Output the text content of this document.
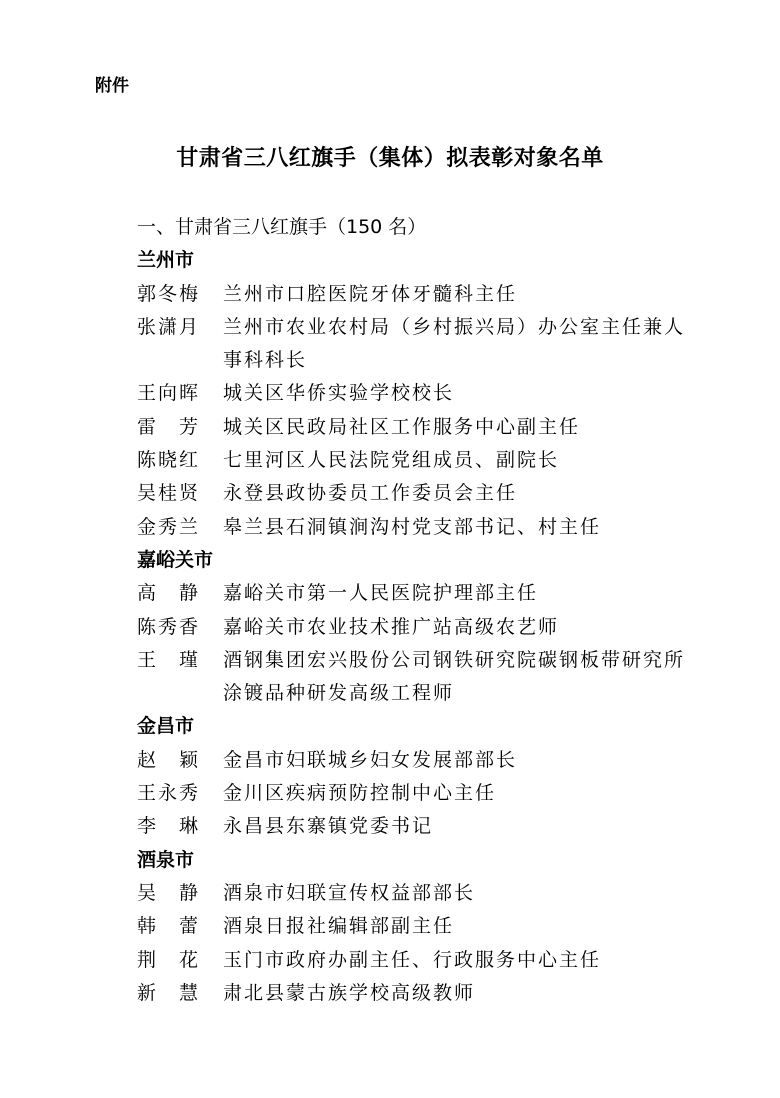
附件
甘肃省三八红旗手（集体）拟表彰对象名单
一、甘肃省三八红旗手（150 名）
兰州市
郭冬梅	兰州市口腔医院牙体牙髓科主任
张潇月	兰州市农业农村局（乡村振兴局）办公室主任兼人事科科长
王向晖	城关区华侨实验学校校长
雷　芳	城关区民政局社区工作服务中心副主任
陈晓红	七里河区人民法院党组成员、副院长
吴桂贤	永登县政协委员工作委员会主任
金秀兰	皋兰县石洞镇涧沟村党支部书记、村主任
嘉峪关市
高　静	嘉峪关市第一人民医院护理部主任
陈秀香	嘉峪关市农业技术推广站高级农艺师
王　瑾	酒钢集团宏兴股份公司钢铁研究院碳钢板带研究所涂镀品种研发高级工程师
金昌市
赵　颖	金昌市妇联城乡妇女发展部部长
王永秀	金川区疾病预防控制中心主任
李　琳	永昌县东寨镇党委书记
酒泉市
吴　静	酒泉市妇联宣传权益部部长
韩　蕾	酒泉日报社编辑部副主任
荆　花	玉门市政府办副主任、行政服务中心主任
新　慧	肃北县蒙古族学校高级教师
